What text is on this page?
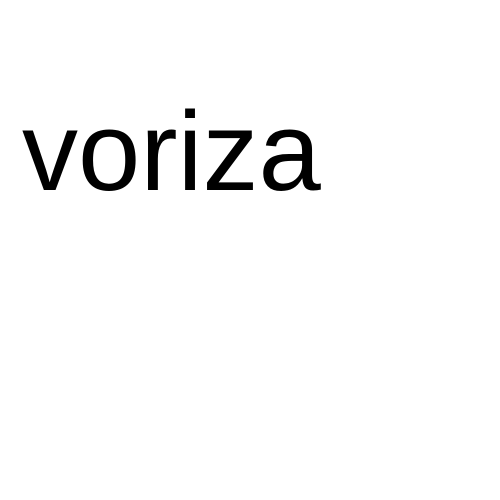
voriza
